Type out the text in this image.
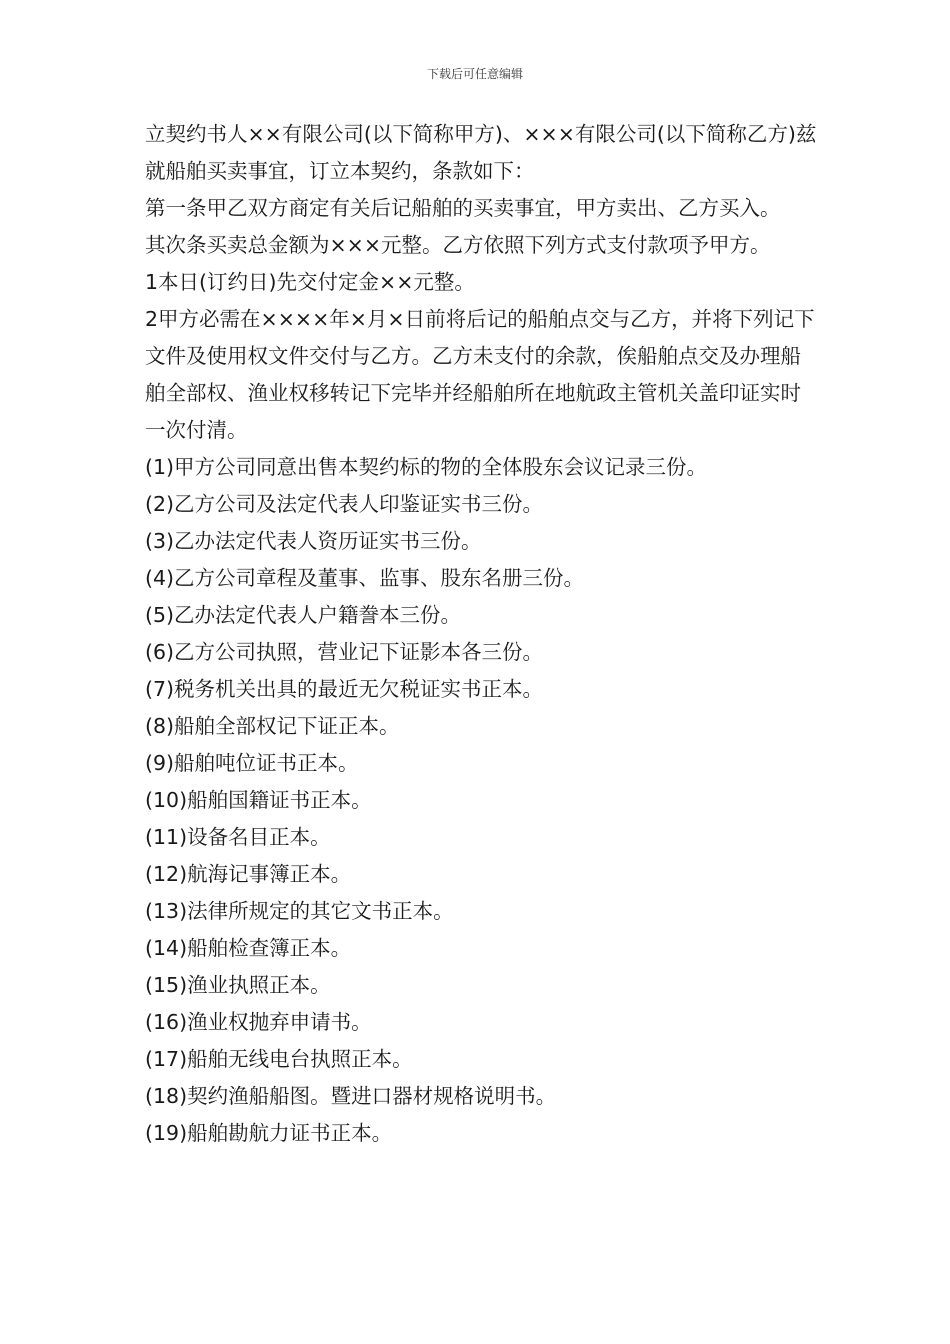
下载后可任意编辑

立契约书人××有限公司(以下简称甲方)、×××有限公司(以下简称乙方)兹就船舶买卖事宜，订立本契约，条款如下：

第一条甲乙双方商定有关后记船舶的买卖事宜，甲方卖出、乙方买入。

其次条买卖总金额为×××元整。乙方依照下列方式支付款项予甲方。

1本日(订约日)先交付定金××元整。

2甲方必需在××××年×月×日前将后记的船舶点交与乙方，并将下列记下文件及使用权文件交付与乙方。乙方未支付的余款，俟船舶点交及办理船舶全部权、渔业权移转记下完毕并经船舶所在地航政主管机关盖印证实时一次付清。

(1)甲方公司同意出售本契约标的物的全体股东会议记录三份。

(2)乙方公司及法定代表人印鉴证实书三份。

(3)乙办法定代表人资历证实书三份。

(4)乙方公司章程及董事、监事、股东名册三份。

(5)乙办法定代表人户籍誊本三份。

(6)乙方公司执照，营业记下证影本各三份。

(7)税务机关出具的最近无欠税证实书正本。

(8)船舶全部权记下证正本。

(9)船舶吨位证书正本。

(10)船舶国籍证书正本。

(11)设备名目正本。

(12)航海记事簿正本。

(13)法律所规定的其它文书正本。

(14)船舶检查簿正本。

(15)渔业执照正本。

(16)渔业权抛弃申请书。

(17)船舶无线电台执照正本。

(18)契约渔船船图。暨进口器材规格说明书。

(19)船舶勘航力证书正本。
